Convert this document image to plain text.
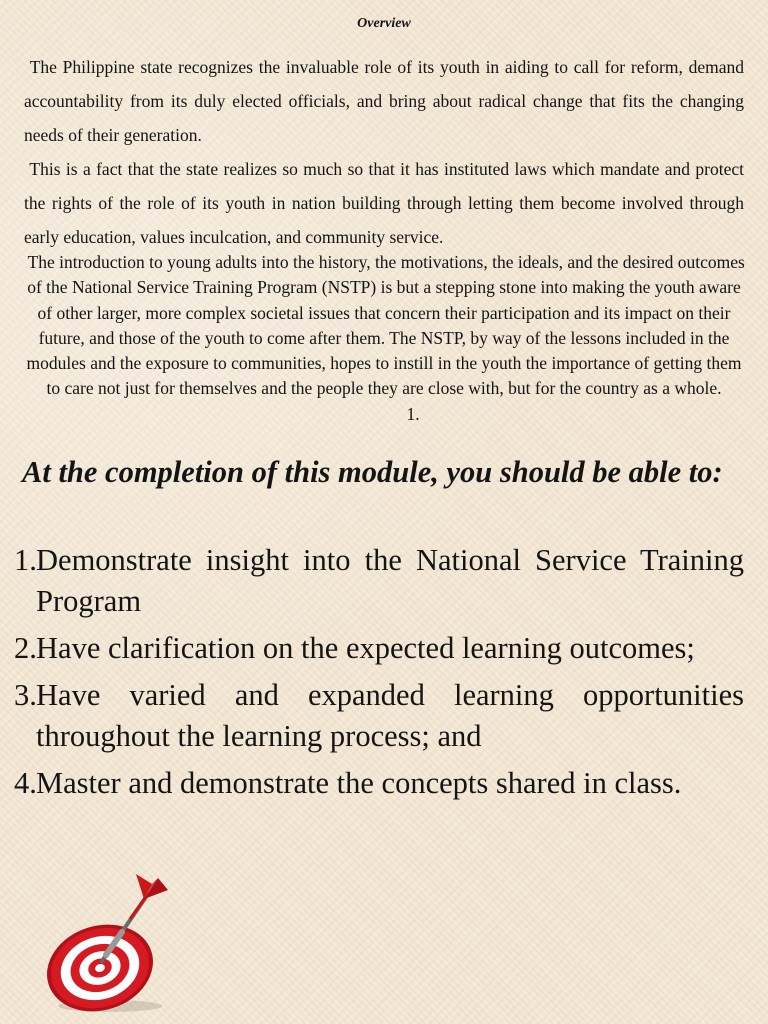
Overview

The Philippine state recognizes the invaluable role of its youth in aiding to call for reform, demand accountability from its duly elected officials, and bring about radical change that fits the changing needs of their generation.

This is a fact that the state realizes so much so that it has instituted laws which mandate and protect the rights of the role of its youth in nation building through letting them become involved through early education, values inculcation, and community service.

The introduction to young adults into the history, the motivations, the ideals, and the desired outcomes of the National Service Training Program (NSTP) is but a stepping stone into making the youth aware of other larger, more complex societal issues that concern their participation and its impact on their future, and those of the youth to come after them. The NSTP, by way of the lessons included in the modules and the exposure to communities, hopes to instill in the youth the importance of getting them to care not just for themselves and the people they are close with, but for the country as a whole.1.

At the completion of this module, you should be able to:
1. Demonstrate insight into the National Service Training Program
2. Have clarification on the expected learning outcomes;
3. Have varied and expanded learning opportunities throughout the learning process; and
4. Master and demonstrate the concepts shared in class.
